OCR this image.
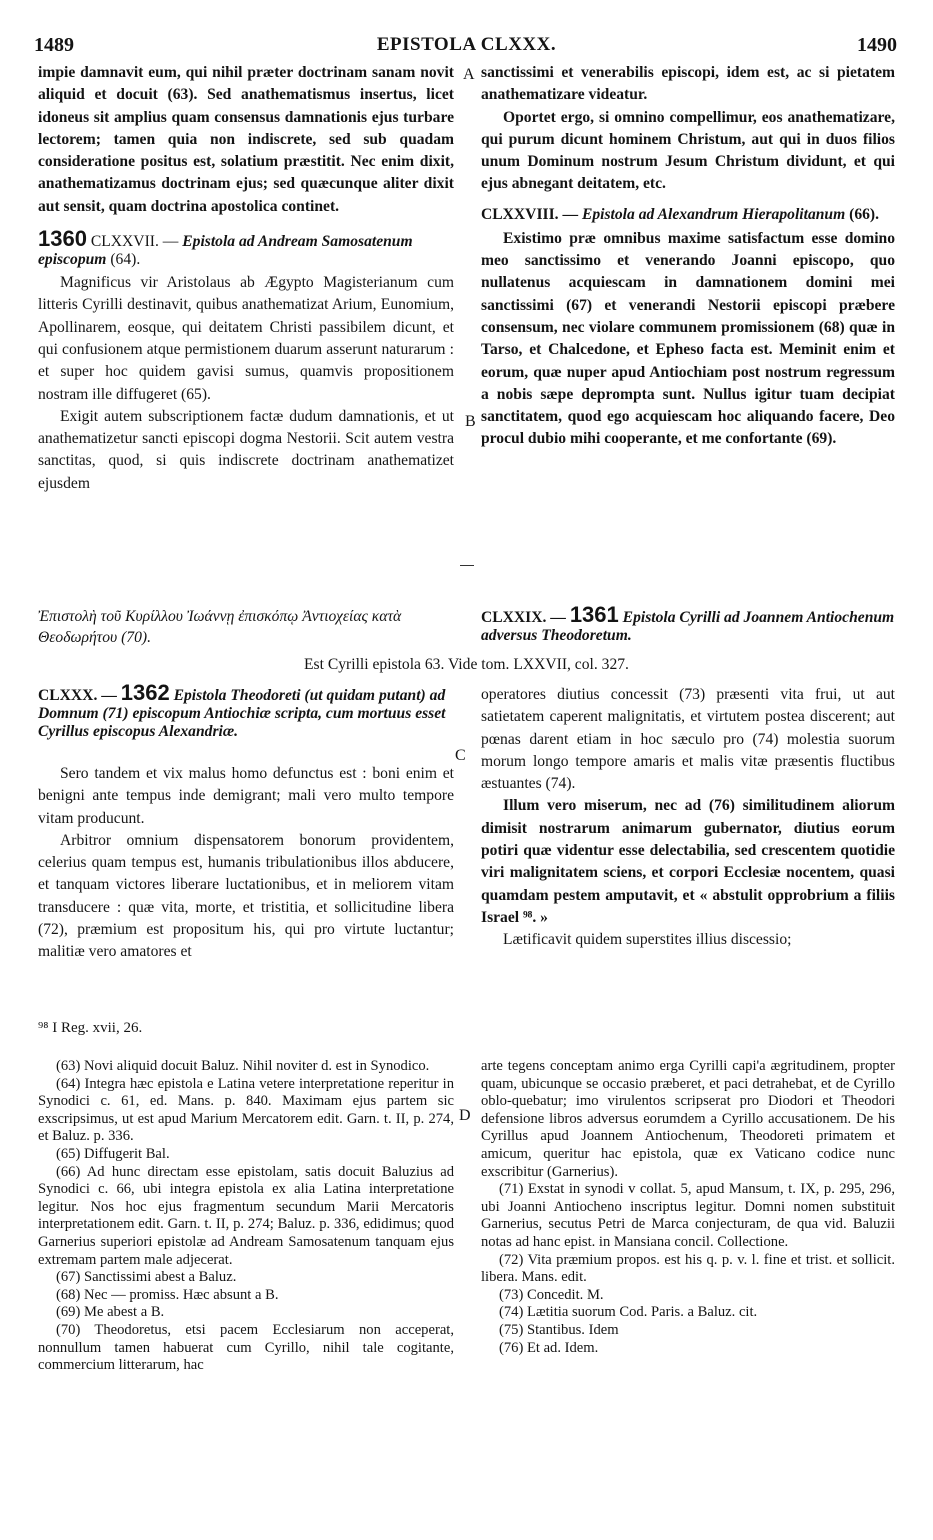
1489	EPISTOLA CLXXX.	1490
A
B
C
D

impie damnavit eum, qui nihil præter doctrinam sanam novit aliquid et docuit (63). Sed anathematismus insertus, licet idoneus sit amplius quam consensus damnationis ejus turbare lectorem; tamen quia non indiscrete, sed sub quadam consideratione positus est, solatium præstitit. Nec enim dixit, anathematizamus doctrinam ejus; sed quæcunque aliter dixit aut sensit, quam doctrina apostolica continet.

1360 CLXXVII. — Epistola ad Andream Samosatenum episcopum (64).

Magnificus vir Aristolaus ab Ægypto Magisterianum cum litteris Cyrilli destinavit, quibus anathematizat Arium, Eunomium, Apollinarem, eosque, qui deitatem Christi passibilem dicunt, et qui confusionem atque permistionem duarum asserunt naturarum : et super hoc quidem gavisi sumus, quamvis propositionem nostram ille diffugeret (65).

Exigit autem subscriptionem factæ dudum damnationis, et ut anathematizetur sancti episcopi dogma Nestorii. Scit autem vestra sanctitas, quod, si quis indiscrete doctrinam anathematizet ejusdem

sanctissimi et venerabilis episcopi, idem est, ac si pietatem anathematizare videatur.

Oportet ergo, si omnino compellimur, eos anathematizare, qui purum dicunt hominem Christum, aut qui in duos filios unum Dominum nostrum Jesum Christum dividunt, et qui ejus abnegant deitatem, etc.

CLXXVIII. — Epistola ad Alexandrum Hierapolitanum (66).

Existimo præ omnibus maxime satisfactum esse domino meo sanctissimo et venerando Joanni episcopo, quo nullatenus acquiescam in damnationem domini mei sanctissimi (67) et venerandi Nestorii episcopi præbere consensum, nec violare communem promissionem (68) quæ in Tarso, et Chalcedone, et Epheso facta est. Meminit enim et eorum, quæ nuper apud Antiochiam post nostrum regressum a nobis sæpe deprompta sunt. Nullus igitur tuam decipiat sanctitatem, quod ego acquiescam hoc aliquando facere, Deo procul dubio mihi cooperante, et me confortante (69).

Ἐπιστολὴ τοῦ Κυρίλλου Ἰωάννῃ ἐπισκόπῳ Ἀντιοχείας κατὰ Θεοδωρήτου (70).

CLXXIX. — 1361 Epistola Cyrilli ad Joannem Antiochenum adversus Theodoretum.

Est Cyrilli epistola 63. Vide tom. LXXVII, col. 327.

CLXXX. — 1362 Epistola Theodoreti (ut quidam putant) ad Domnum (71) episcopum Antiochiæ scripta, cum mortuus esset Cyrillus episcopus Alexandriæ.

Sero tandem et vix malus homo defunctus est : boni enim et benigni ante tempus inde demigrant; mali vero multo tempore vitam producunt.

Arbitror omnium dispensatorem bonorum providentem, celerius quam tempus est, humanis tribulationibus illos abducere, et tanquam victores liberare luctationibus, et in meliorem vitam transducere : quæ vita, morte, et tristitia, et sollicitudine libera (72), præmium est propositum his, qui pro virtute luctantur; malitiæ vero amatores et

operatores diutius concessit (73) præsenti vita frui, ut aut satietatem caperent malignitatis, et virtutem postea discerent; aut pœnas darent etiam in hoc sæculo pro (74) molestia suorum morum longo tempore amaris et malis vitæ præsentis fluctibus æstuantes (74).

Illum vero miserum, nec ad (76) similitudinem aliorum dimisit nostrarum animarum gubernator, diutius eorum potiri quæ videntur esse delectabilia, sed crescentem quotidie viri malignitatem sciens, et corpori Ecclesiæ nocentem, quasi quamdam pestem amputavit, et « abstulit opprobrium a filiis Israel ⁹⁸. »

Lætificavit quidem superstites illius discessio;

⁹⁸ I Reg. xvii, 26.

(63) Novi aliquid docuit Baluz. Nihil noviter d. est in Synodico.

(64) Integra hæc epistola e Latina vetere interpretatione reperitur in Synodici c. 61, ed. Mans. p. 840. Maximam ejus partem sic exscripsimus, ut est apud Marium Mercatorem edit. Garn. t. II, p. 274, et Baluz. p. 336.

(65) Diffugerit Bal.

(66) Ad hunc directam esse epistolam, satis docuit Baluzius ad Synodici c. 66, ubi integra epistola ex alia Latina interpretatione legitur. Nos hoc ejus fragmentum secundum Marii Mercatoris interpretationem edit. Garn. t. II, p. 274; Baluz. p. 336, edidimus; quod Garnerius superiori epistolæ ad Andream Samosatenum tanquam ejus extremam partem male adjecerat.

(67) Sanctissimi abest a Baluz.

(68) Nec — promiss. Hæc absunt a B.

(69) Me abest a B.

(70) Theodoretus, etsi pacem Ecclesiarum non acceperat, nonnullum tamen habuerat cum Cyrillo, nihil tale cogitante, commercium litterarum, hac

arte tegens conceptam animo erga Cyrilli capi'a ægritudinem, propter quam, ubicunque se occasio præberet, et paci detrahebat, et de Cyrillo oblo-quebatur; imo virulentos scripserat pro Diodori et Theodori defensione libros adversus eorumdem a Cyrillo accusationem. De his Cyrillus apud Joannem Antiochenum, Theodoreti primatem et amicum, queritur hac epistola, quæ ex Vaticano codice nunc exscribitur (Garnerius).

(71) Exstat in synodi v collat. 5, apud Mansum, t. IX, p. 295, 296, ubi Joanni Antiocheno inscriptus legitur. Domni nomen substituit Garnerius, secutus Petri de Marca conjecturam, de qua vid. Baluzii notas ad hanc epist. in Mansiana concil. Collectione.

(72) Vita præmium propos. est his q. p. v. l. fine et trist. et sollicit. libera. Mans. edit.

(73) Concedit. M.

(74) Lætitia suorum Cod. Paris. a Baluz. cit.

(75) Stantibus. Idem

(76) Et ad. Idem.
